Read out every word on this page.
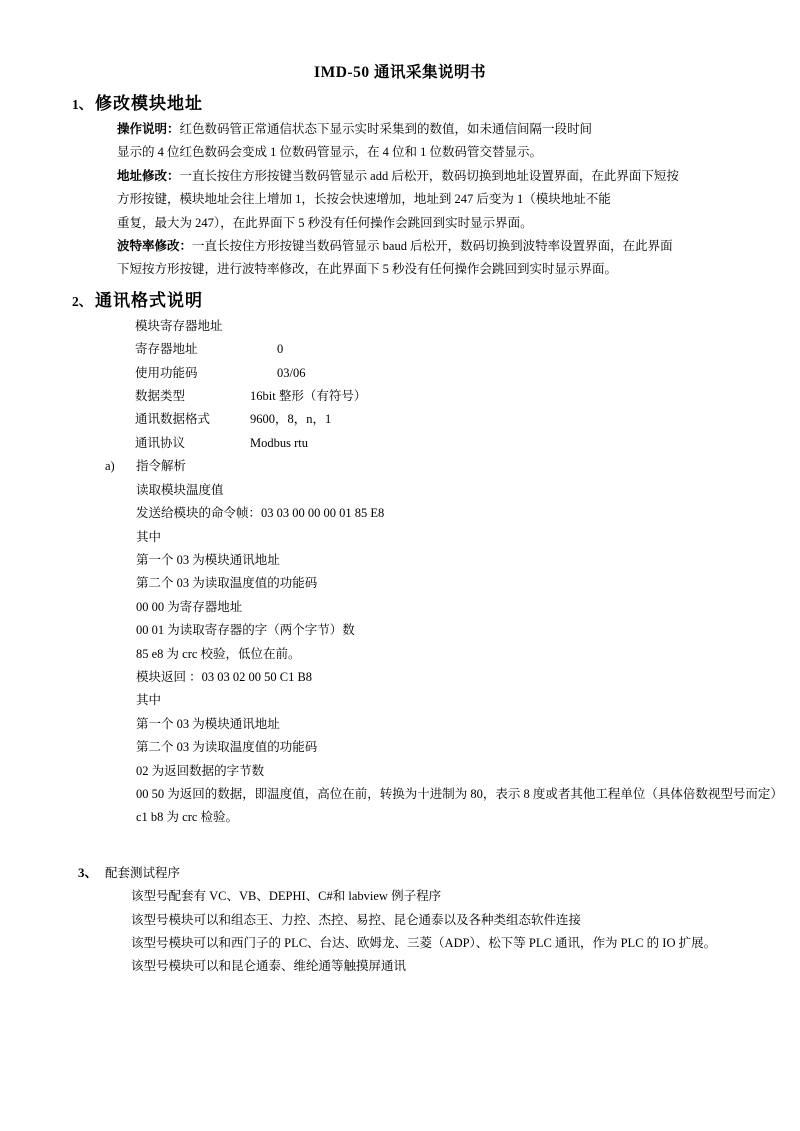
IMD-50 通讯采集说明书
1、 修改模块地址
操作说明：红色数码管正常通信状态下显示实时采集到的数值，如未通信间隔一段时间
显示的 4 位红色数码会变成 1 位数码管显示，在 4 位和 1 位数码管交替显示。
地址修改：一直长按住方形按键当数码管显示 add 后松开，数码切换到地址设置界面，在此界面下短按
方形按键，模块地址会往上增加 1，长按会快速增加，地址到 247 后变为 1（模块地址不能
重复，最大为 247），在此界面下 5 秒没有任何操作会跳回到实时显示界面。
波特率修改：一直长按住方形按键当数码管显示 baud 后松开，数码切换到波特率设置界面，在此界面
下短按方形按键，进行波特率修改，在此界面下 5 秒没有任何操作会跳回到实时显示界面。
2、 通讯格式说明
模块寄存器地址
寄存器地址	0
使用功能码	03/06
数据类型	16bit 整形（有符号）
通讯数据格式	9600，8，n，1
通讯协议	Modbus rtu
a) 指令解析
读取模块温度值
发送给模块的命令帧：03 03 00 00 00 01 85 E8
其中
第一个 03 为模块通讯地址
第二个 03 为读取温度值的功能码
00 00 为寄存器地址
00 01 为读取寄存器的字（两个字节）数
85 e8 为 crc 校验，低位在前。
模块返回 ：03 03 02 00 50 C1 B8
其中
第一个 03 为模块通讯地址
第二个 03 为读取温度值的功能码
02 为返回数据的字节数
00 50 为返回的数据，即温度值，高位在前，转换为十进制为 80，表示 8 度或者其他工程单位（具体倍数视型号而定）
c1 b8 为 crc 检验。
3、 配套测试程序
该型号配套有 VC、VB、DEPHI、C#和 labview 例子程序
该型号模块可以和组态王、力控、杰控、易控、昆仑通泰以及各种类组态软件连接
该型号模块可以和西门子的 PLC、台达、欧姆龙、三菱（ADP）、松下等 PLC 通讯，作为 PLC 的 IO 扩展。
该型号模块可以和昆仑通泰、维纶通等触摸屏通讯
